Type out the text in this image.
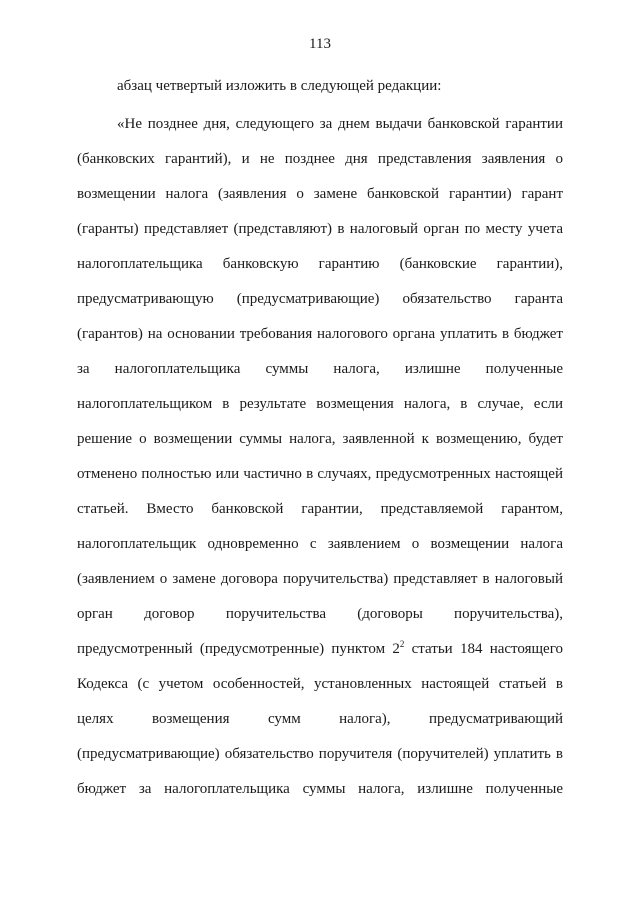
113
абзац четвертый изложить в следующей редакции:
«Не позднее дня, следующего за днем выдачи банковской гарантии
(банковских гарантий), и не позднее дня представления заявления о
возмещении налога (заявления о замене банковской гарантии) гарант
(гаранты) представляет (представляют) в налоговый орган по месту учета
налогоплательщика банковскую гарантию (банковские гарантии),
предусматривающую (предусматривающие) обязательство гаранта
(гарантов) на основании требования налогового органа уплатить в бюджет
за налогоплательщика суммы налога, излишне полученные
налогоплательщиком в результате возмещения налога, в случае, если
решение о возмещении суммы налога, заявленной к возмещению, будет
отменено полностью или частично в случаях, предусмотренных настоящей
статьей. Вместо банковской гарантии, представляемой гарантом,
налогоплательщик одновременно с заявлением о возмещении налога
(заявлением о замене договора поручительства) представляет в налоговый
орган договор поручительства (договоры поручительства),
предусмотренный (предусмотренные) пунктом $2^2$ статьи 184 настоящего
Кодекса (с учетом особенностей, установленных настоящей статьей в
целях возмещения сумм налога), предусматривающий
(предусматривающие) обязательство поручителя (поручителей) уплатить в
бюджет за налогоплательщика суммы налога, излишне полученные
